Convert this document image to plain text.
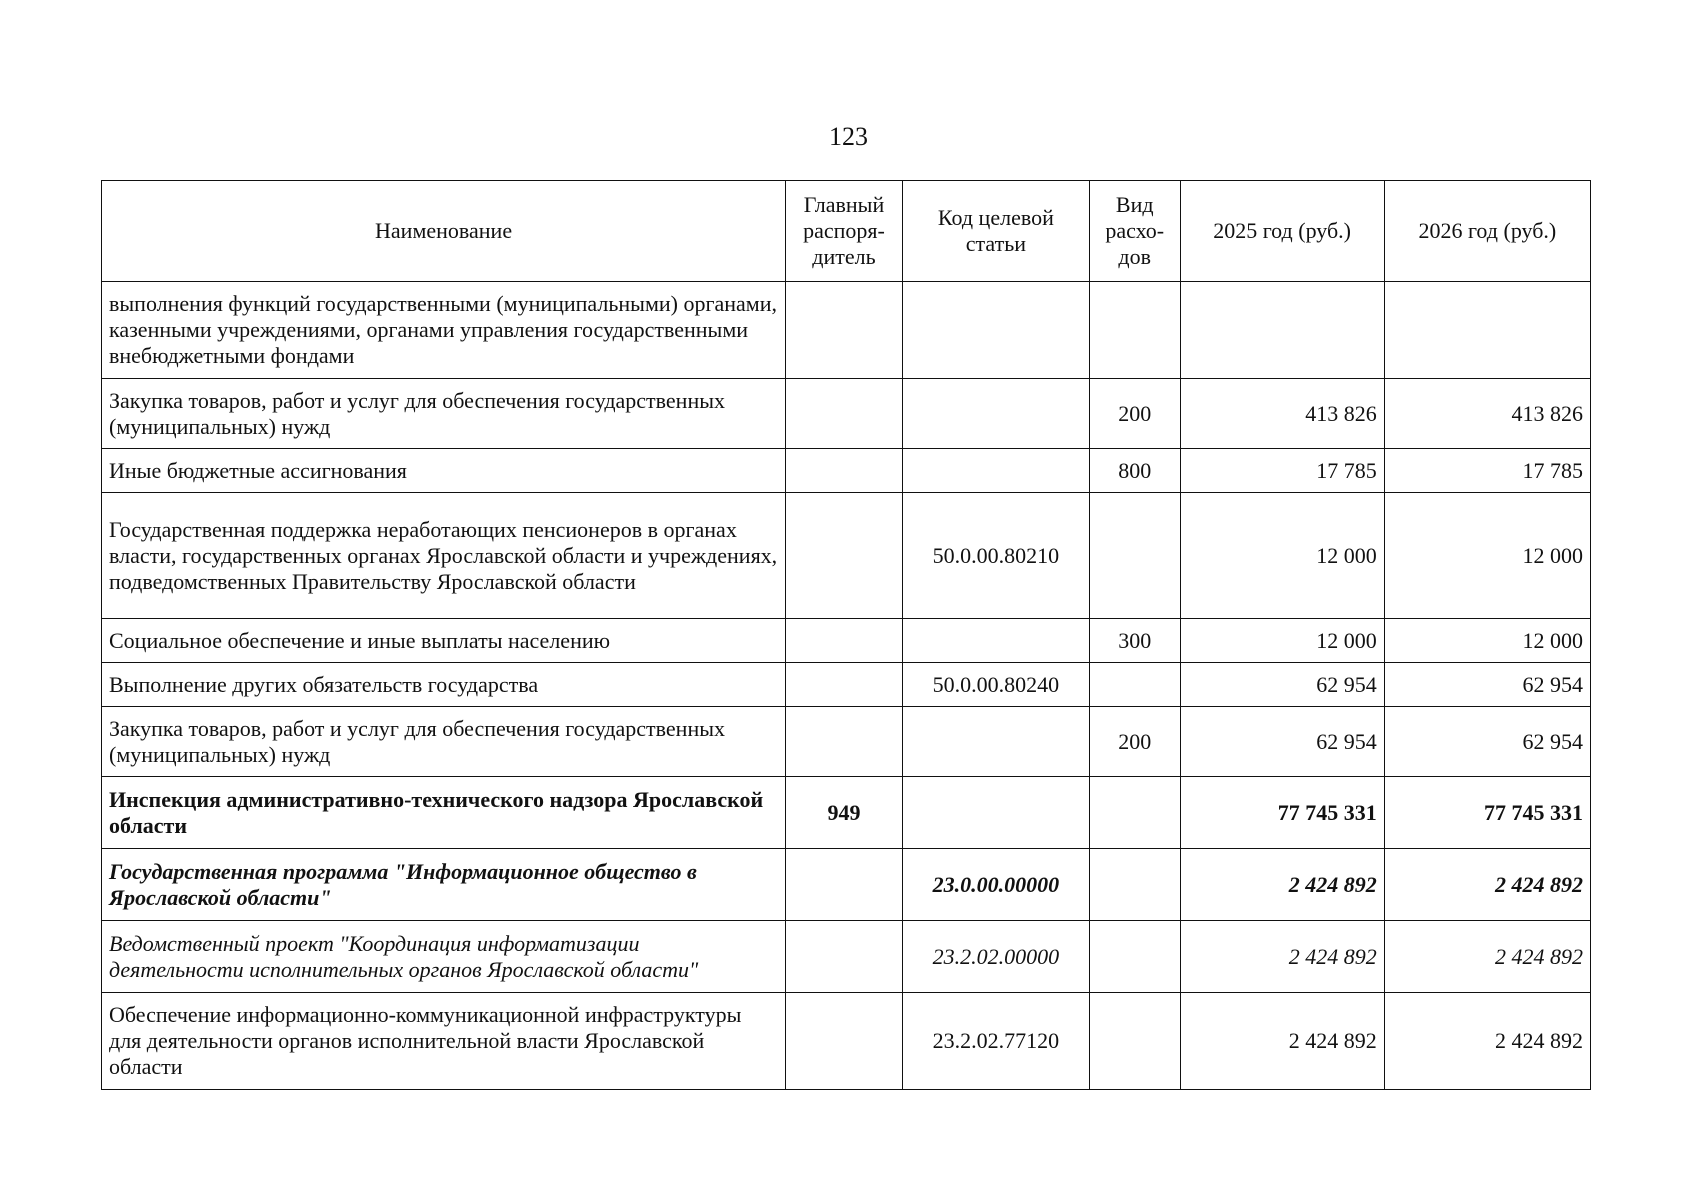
123
Наименование	Главный распоря-дитель	Код целевой статьи	Вид расхо-дов	2025 год (руб.)	2026 год (руб.)
выполнения функций государственными (муниципальными) органами, казенными учреждениями, органами управления государственными внебюджетными фондами					
Закупка товаров, работ и услуг для обеспечения государственных (муниципальных) нужд			200	413 826	413 826
Иные бюджетные ассигнования			800	17 785	17 785
Государственная поддержка неработающих пенсионеров в органах власти, государственных органах Ярославской области и учреждениях, подведомственных Правительству Ярославской области		50.0.00.80210		12 000	12 000
Социальное обеспечение и иные выплаты населению			300	12 000	12 000
Выполнение других обязательств государства		50.0.00.80240		62 954	62 954
Закупка товаров, работ и услуг для обеспечения государственных (муниципальных) нужд			200	62 954	62 954
Инспекция административно-технического надзора Ярославской области	949			77 745 331	77 745 331
Государственная программа "Информационное общество в Ярославской области"		23.0.00.00000		2 424 892	2 424 892
Ведомственный проект "Координация информатизации деятельности исполнительных органов Ярославской области"		23.2.02.00000		2 424 892	2 424 892
Обеспечение информационно-коммуникационной инфраструктуры для деятельности органов исполнительной власти Ярославской области		23.2.02.77120		2 424 892	2 424 892
